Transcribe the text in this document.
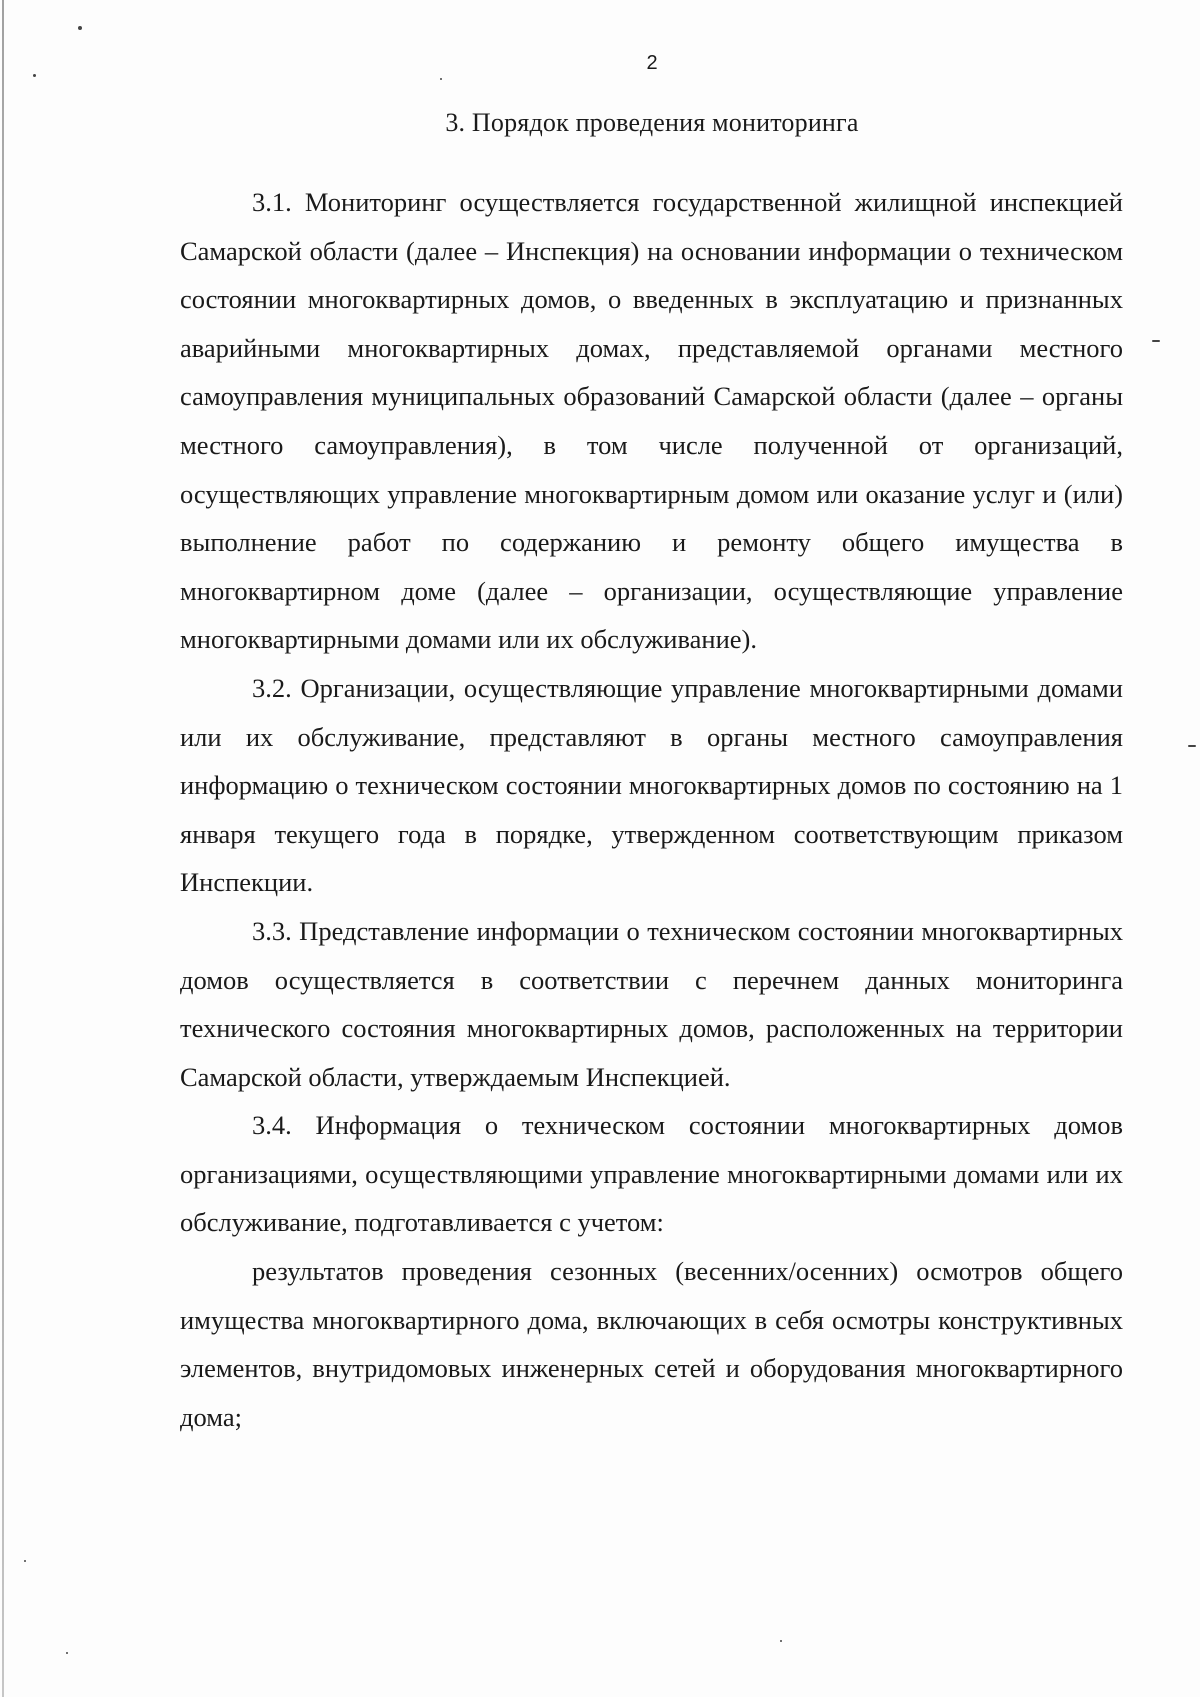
2
3. Порядок проведения мониторинга

3.1. Мониторинг осуществляется государственной жилищной инспекцией Самарской области (далее – Инспекция) на основании информации о техническом состоянии многоквартирных домов, о введенных в эксплуатацию и признанных аварийными многоквартирных домах, представляемой органами местного самоуправления муниципальных образований Самарской области (далее – органы местного самоуправления), в том числе полученной от организаций, осуществляющих управление многоквартирным домом или оказание услуг и (или) выполнение работ по содержанию и ремонту общего имущества в многоквартирном доме (далее – организации, осуществляющие управление многоквартирными домами или их обслуживание).

3.2. Организации, осуществляющие управление многоквартирными домами или их обслуживание, представляют в органы местного самоуправления информацию о техническом состоянии многоквартирных домов по состоянию на 1 января текущего года в порядке, утвержденном соответствующим приказом Инспекции.

3.3. Представление информации о техническом состоянии многоквартирных домов осуществляется в соответствии с перечнем данных мониторинга технического состояния многоквартирных домов, расположенных на территории Самарской области, утверждаемым Инспекцией.

3.4. Информация о техническом состоянии многоквартирных домов организациями, осуществляющими управление многоквартирными домами или их обслуживание, подготавливается с учетом:

результатов проведения сезонных (весенних/осенних) осмотров общего имущества многоквартирного дома, включающих в себя осмотры конструктивных элементов, внутридомовых инженерных сетей и оборудования многоквартирного дома;
